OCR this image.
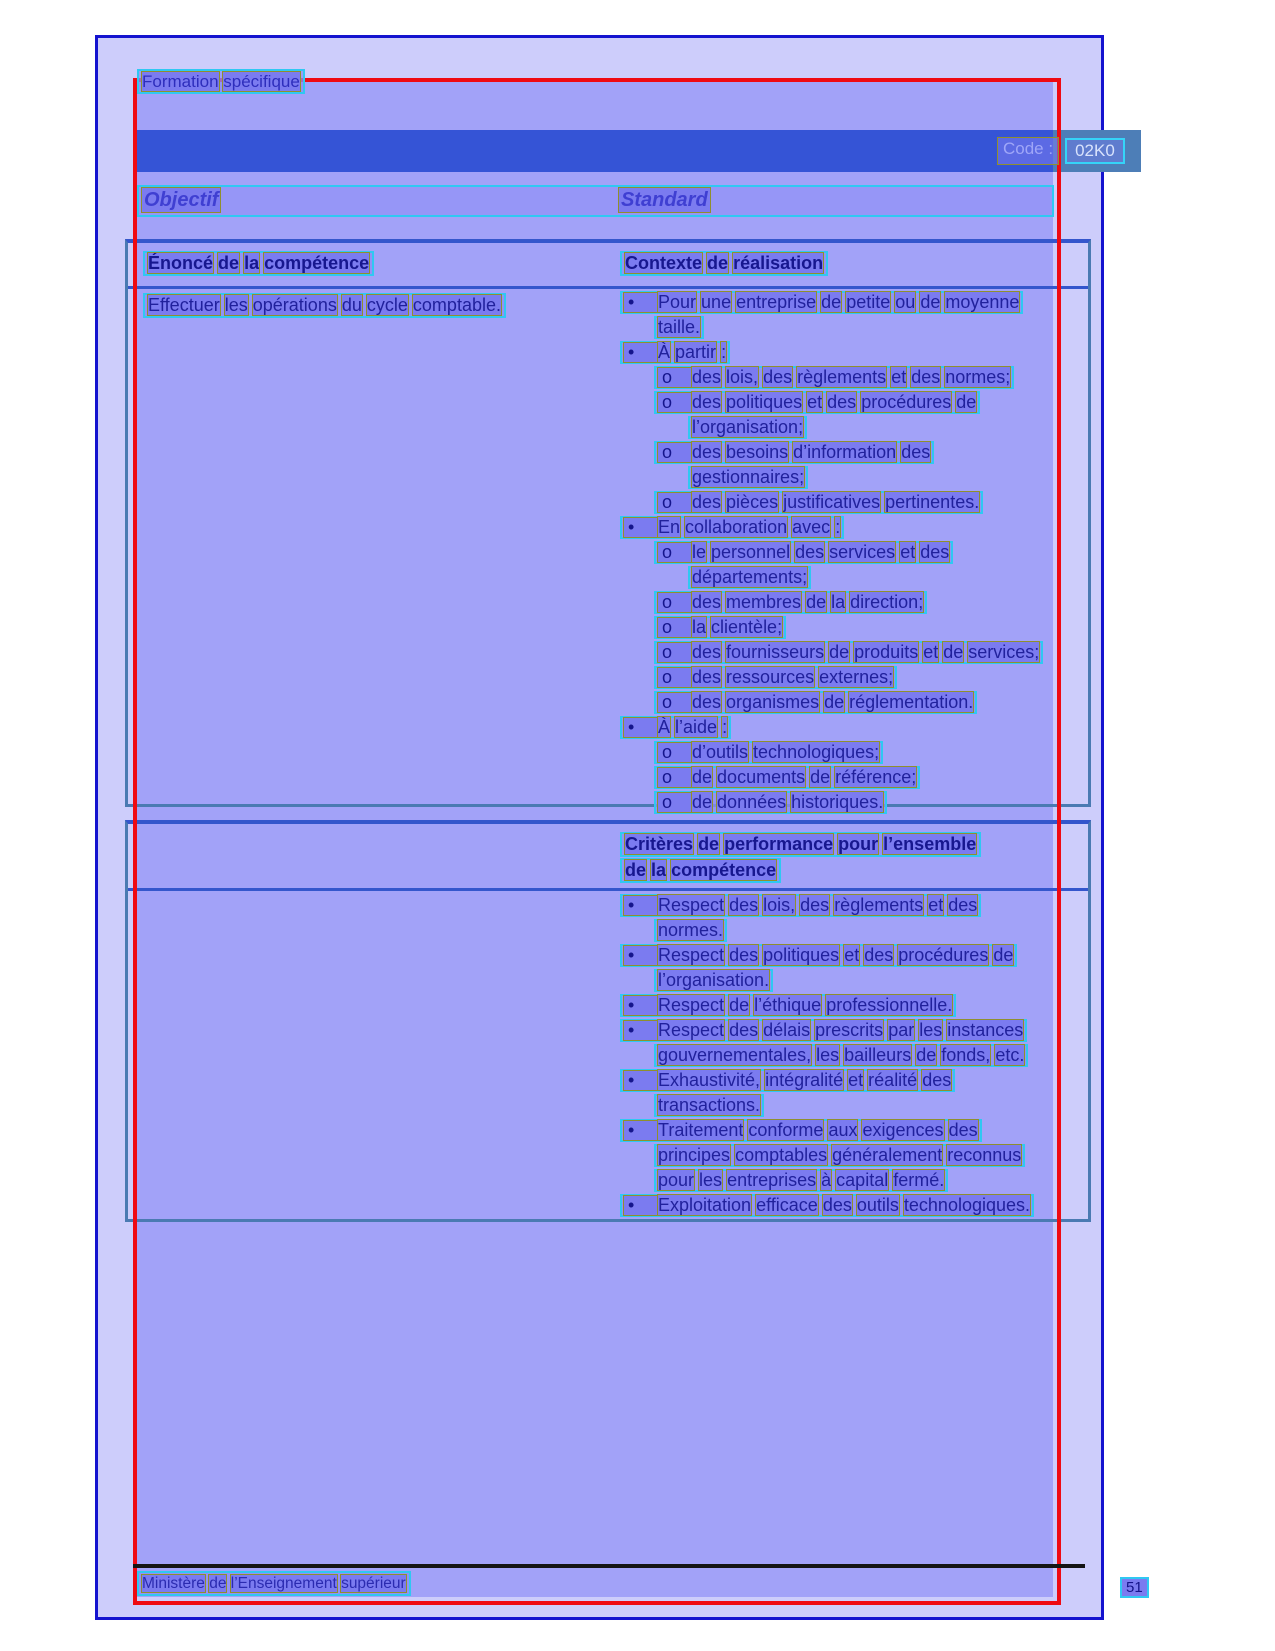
Code :	02K0
Formation spécifique
Objectif	Standard
Énoncé de la compétence	Contexte de réalisation
Effectuer les opérations du cycle comptable.	•	Pour une entreprise de petite ou de moyenne
taille.
•	À partir :
o	des lois, des règlements et des normes;
o	des politiques et des procédures de
l’organisation;
o	des besoins d’information des
gestionnaires;
o	des pièces justificatives pertinentes.
•	En collaboration avec :
o	le personnel des services et des
départements;
o	des membres de la direction;
o	la clientèle;
o	des fournisseurs de produits et de services;
o	des ressources externes;
o	des organismes de réglementation.
•	À l’aide :
o	d’outils technologiques;
o	de documents de référence;
o	de données historiques.
Critères de performance pour l’ensemble
de la compétence
•	Respect des lois, des règlements et des
normes.
•	Respect des politiques et des procédures de
l’organisation.
•	Respect de l’éthique professionnelle.
•	Respect des délais prescrits par les instances
gouvernementales, les bailleurs de fonds, etc.
•	Exhaustivité, intégralité et réalité des
transactions.
•	Traitement conforme aux exigences des
principes comptables généralement reconnus
pour les entreprises à capital fermé.
•	Exploitation efficace des outils technologiques.
Ministère de l’Enseignement supérieur	51
